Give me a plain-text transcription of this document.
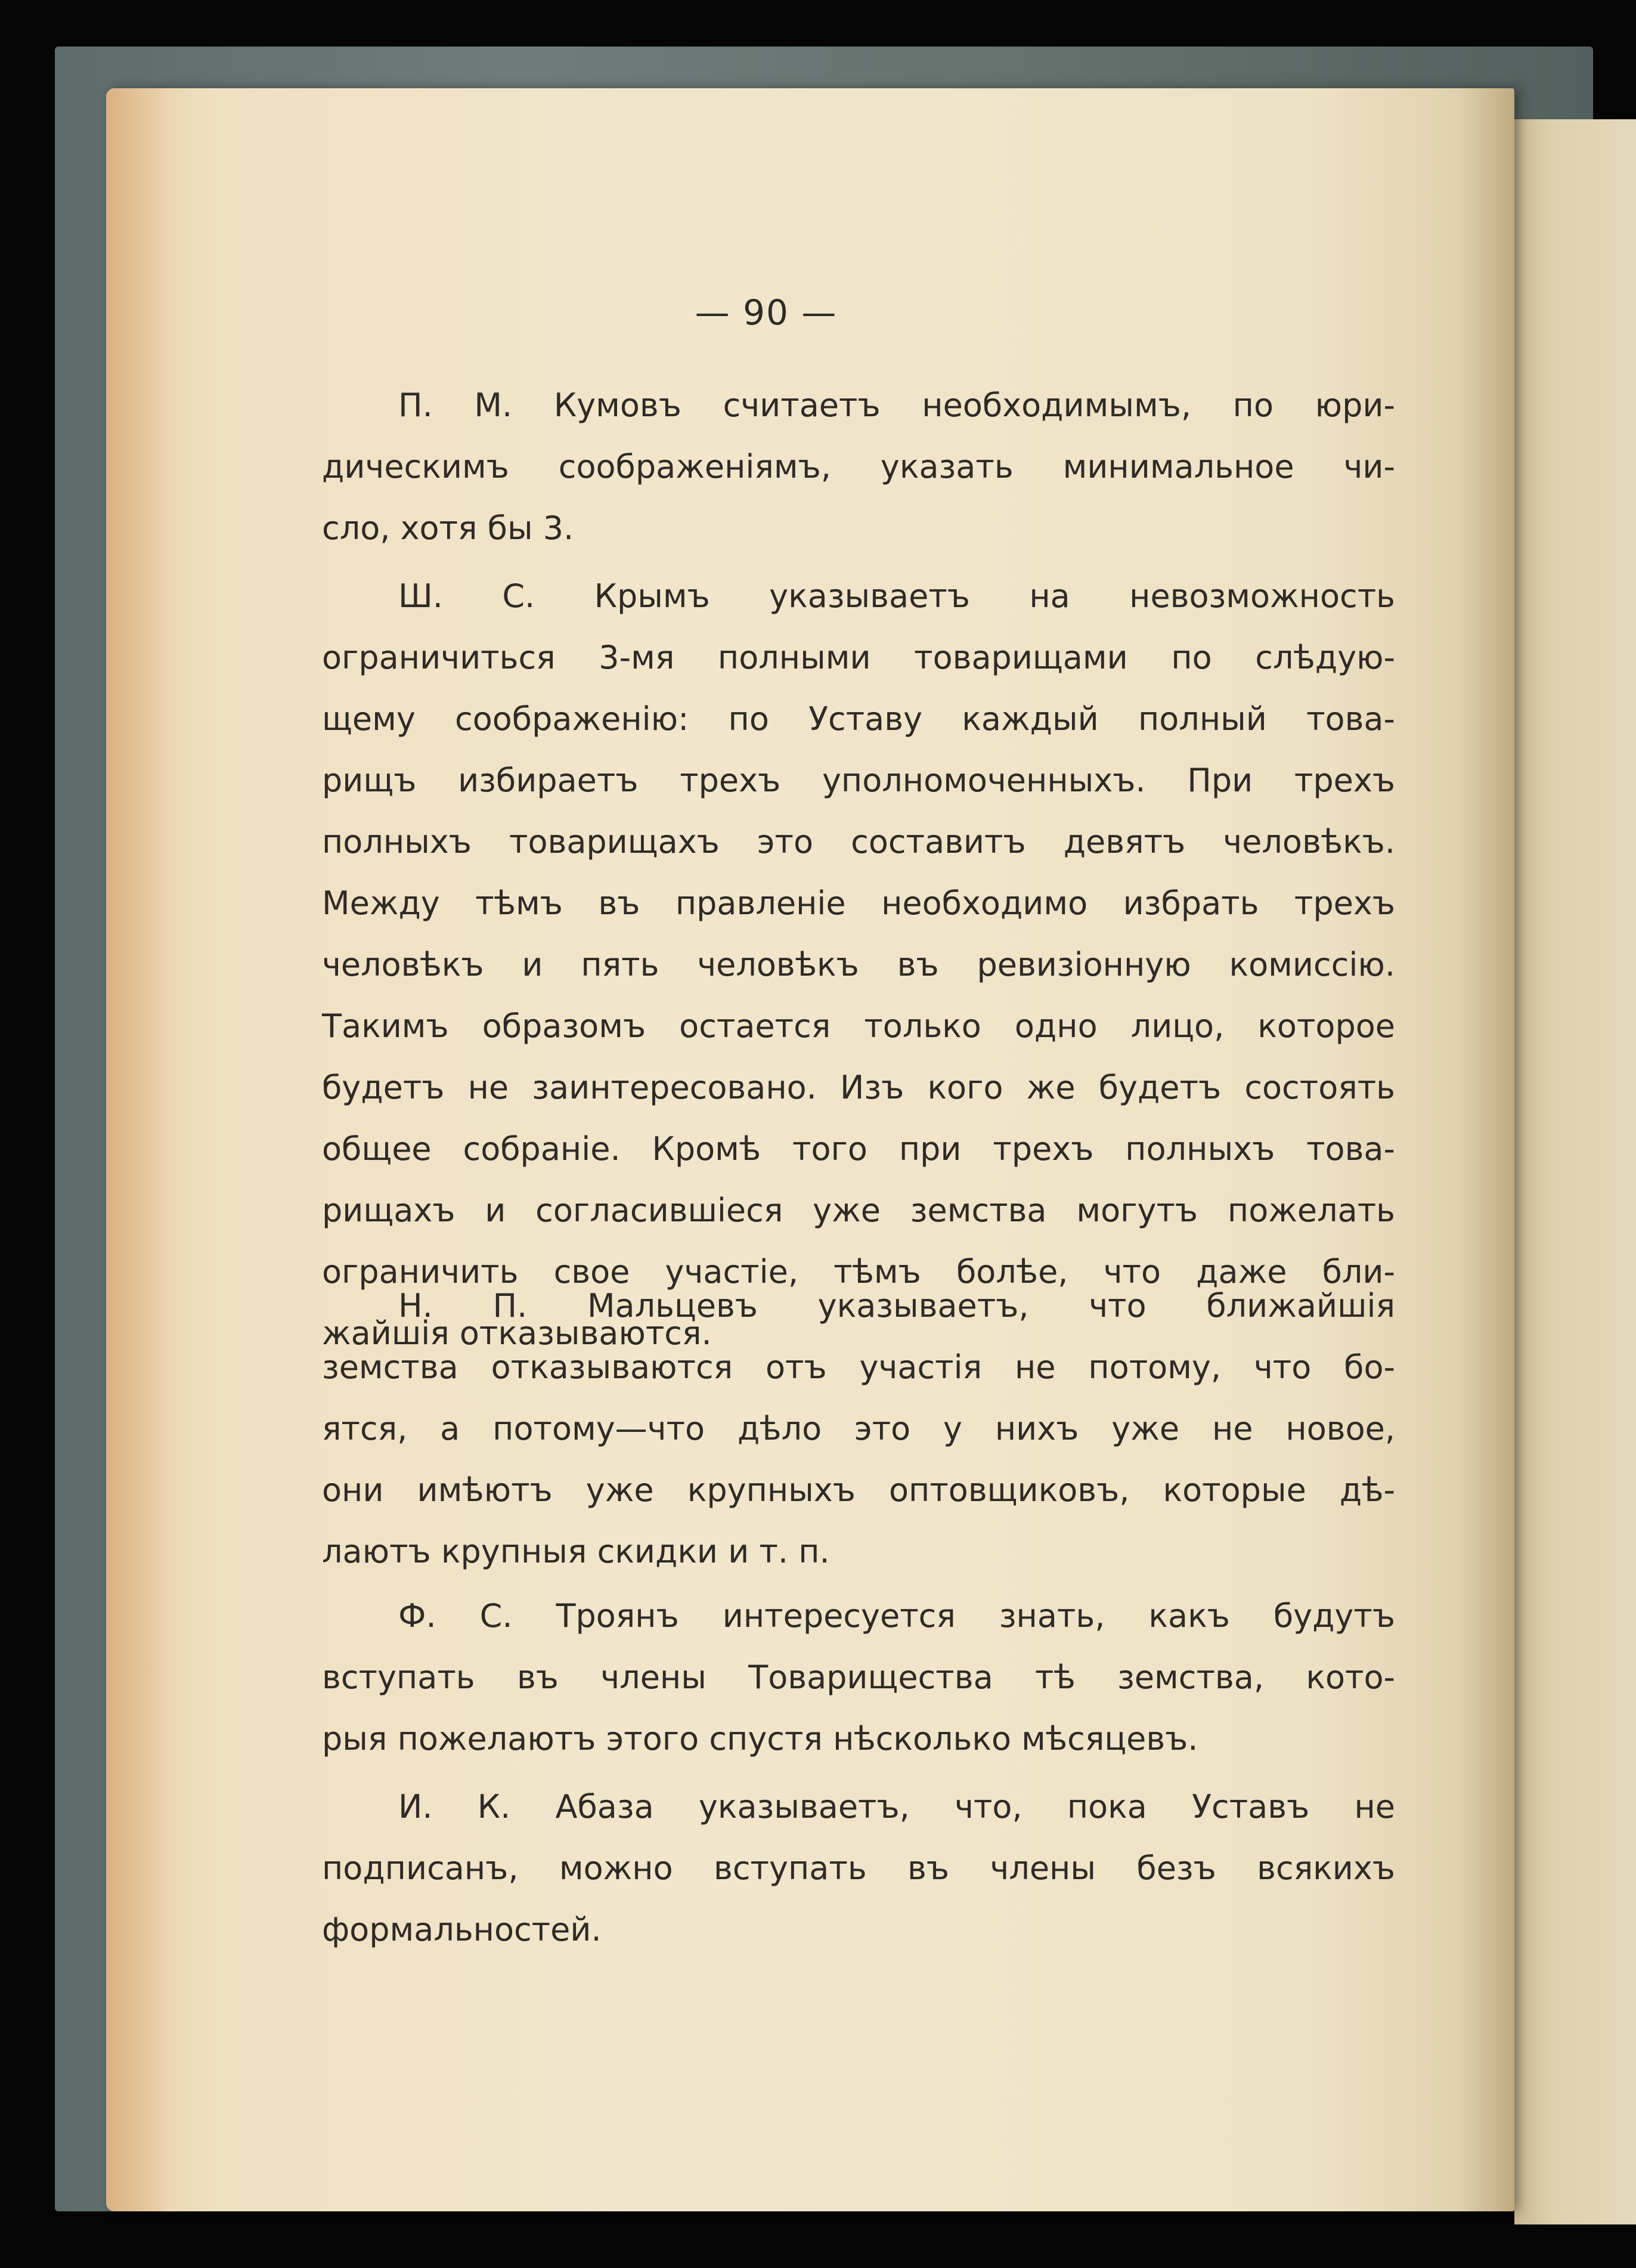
— 90 —

П. М. Кумовъ считаетъ необходимымъ, по юри-
дическимъ соображеніямъ, указать минимальное чи-
сло, хотя бы 3.

Ш. С. Крымъ указываетъ на невозможность
ограничиться 3-мя полными товарищами по слѣдую-
щему соображенію: по Уставу каждый полный това-
рищъ избираетъ трехъ уполномоченныхъ. При трехъ
полныхъ товарищахъ это составитъ девятъ человѣкъ.
Между тѣмъ въ правленіе необходимо избрать трехъ
человѣкъ и пять человѣкъ въ ревизіонную комиссію.
Такимъ образомъ остается только одно лицо, которое
будетъ не заинтересовано. Изъ кого же будетъ состоять
общее собраніе. Кромѣ того при трехъ полныхъ това-
рищахъ и согласившіеся уже земства могутъ пожелать
ограничить свое участіе, тѣмъ болѣе, что даже бли-
жайшія отказываются.

Н. П. Мальцевъ указываетъ, что ближайшія
земства отказываются отъ участія не потому, что бо-
ятся, а потому—что дѣло это у нихъ уже не новое,
они имѣютъ уже крупныхъ оптовщиковъ, которые дѣ-
лаютъ крупныя скидки и т. п.

Ф. С. Троянъ интересуется знать, какъ будутъ
вступать въ члены Товарищества тѣ земства, кото-
рыя пожелаютъ этого спустя нѣсколько мѣсяцевъ.

И. К. Абаза указываетъ, что, пока Уставъ не
подписанъ, можно вступать въ члены безъ всякихъ
формальностей.
